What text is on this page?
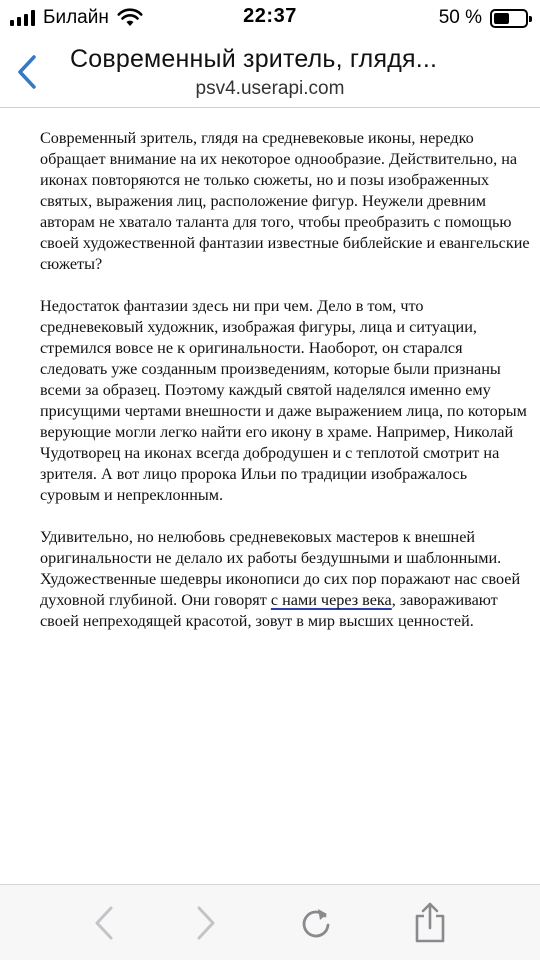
Билайн	22:37	50 %
Современный зритель, глядя...
psv4.userapi.com

Современный зритель, глядя на средневековые иконы, нередко обращает внимание на их некоторое однообразие. Действительно, на иконах повторяются не только сюжеты, но и позы изображенных святых, выражения лиц, расположение фигур. Неужели древним авторам не хватало таланта для того, чтобы преобразить с помощью своей художественной фантазии известные библейские и евангельские сюжеты?

Недостаток фантазии здесь ни при чем. Дело в том, что средневековый художник, изображая фигуры, лица и ситуации, стремился вовсе не к оригинальности. Наоборот, он старался следовать уже созданным произведениям, которые были признаны всеми за образец. Поэтому каждый святой наделялся именно ему присущими чертами внешности и даже выражением лица, по которым верующие могли легко найти его икону в храме. Например, Николай Чудотворец на иконах всегда добродушен и с теплотой смотрит на зрителя. А вот лицо пророка Ильи по традиции изображалось суровым и непреклонным.

Удивительно, но нелюбовь средневековых мастеров к внешней оригинальности не делало их работы бездушными и шаблонными. Художественные шедевры иконописи до сих пор поражают нас своей духовной глубиной. Они говорят с нами через века, завораживают своей непреходящей красотой, зовут в мир высших ценностей.
